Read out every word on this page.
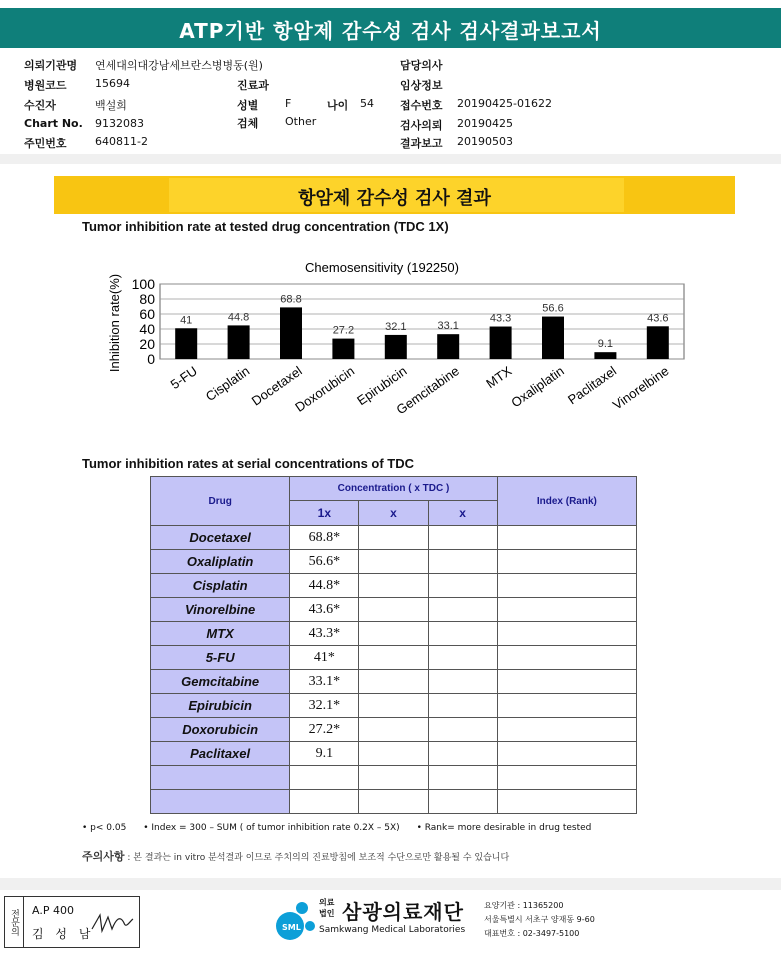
ATP기반 항암제 감수성 검사 검사결과보고서
의뢰기관명 연세대의대강남세브란스병병동(원)
병원코드	15694	진료과
수진자	백설희	성별 F	나이 54
Chart No. 9132083	검체 Other
주민번호	640811-2
담당의사
임상정보
접수번호 20190425-01622
검사의뢰 20190425
결과보고 20190503
항암제 감수성 검사 결과
Tumor inhibition rate at tested drug concentration (TDC 1X)
Chemosensitivity (192250)
0
20
40
60
80
100
Inhibition rate(%)	41
5-FU
44.8
Cisplatin
68.8
Docetaxel
27.2
Doxorubicin
32.1
Epirubicin
33.1
Gemcitabine
43.3
MTX
56.6
Oxaliplatin
9.1
Paclitaxel
43.6
Vinorelbine
Tumor inhibition rates at serial concentrations of TDC
Drug	Concentration ( x TDC )			Index (Rank)
	1x	x	x	
Docetaxel	68.8*			
Oxaliplatin	56.6*			
Cisplatin	44.8*			
Vinorelbine	43.6*			
MTX	43.3*			
5-FU	41*			
Gemcitabine	33.1*			
Epirubicin	32.1*			
Doxorubicin	27.2*			
Paclitaxel	9.1			

• p< 0.05 • Index = 300 – SUM ( of tumor inhibition rate 0.2X – 5X) • Rank= more desirable in drug tested
주의사항 : 본 결과는 in vitro 분석결과 이므로 주치의의 진료방침에 보조적 수단으로만 활용될 수 있습니다
전문의	A.P 400
김 성 남	SML
의료
법인 삼광의료재단
Samkwang Medical Laboratories
요양기관 : 11365200
서울특별시 서초구 양재동 9-60
대표번호 : 02-3497-5100
